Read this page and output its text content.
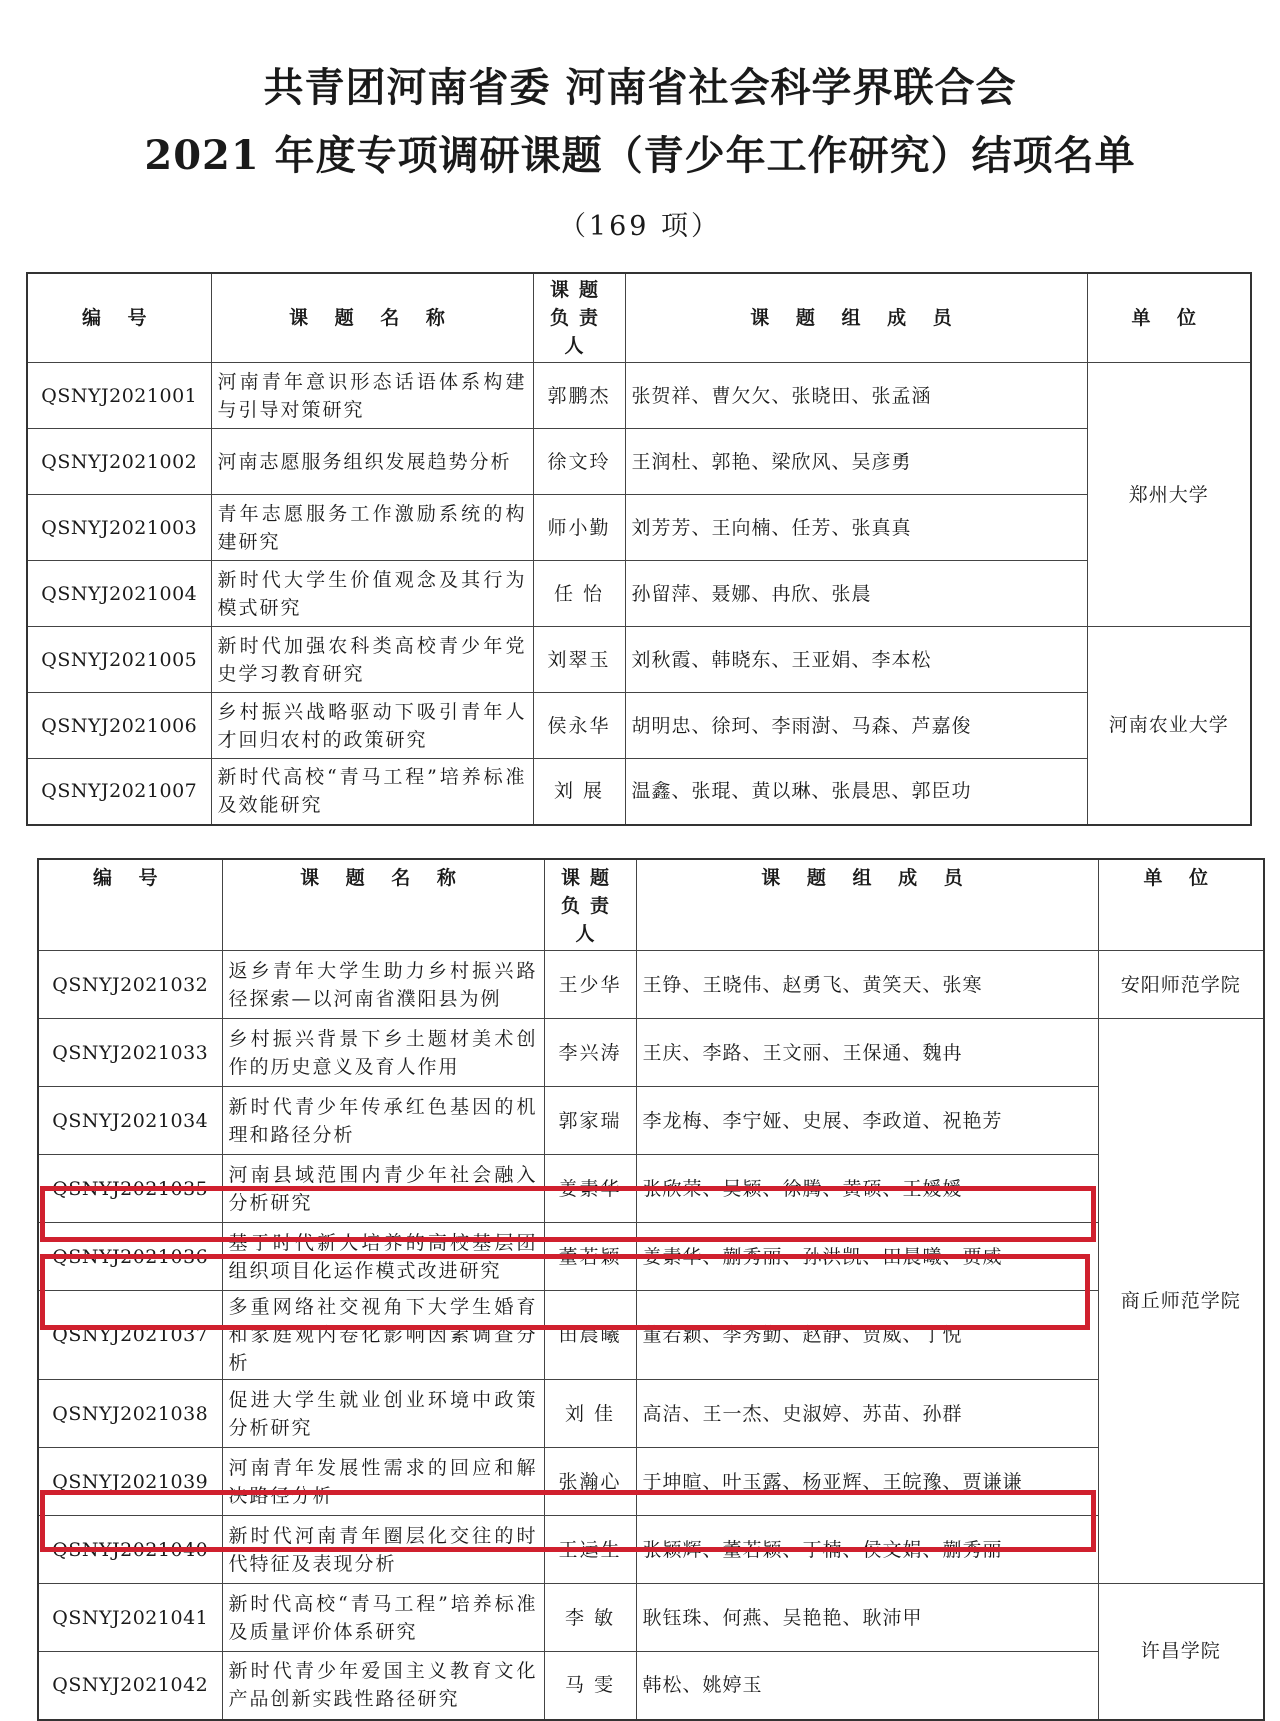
共青团河南省委 河南省社会科学界联合会
2021 年度专项调研课题（青少年工作研究）结项名单
（169 项）
编 号	课 题 名 称	课题负责人	课 题 组 成 员	单 位
QSNYJ2021001	河南青年意识形态话语体系构建与引导对策研究	郭鹏杰	张贺祥、曹欠欠、张晓田、张孟涵	郑州大学
QSNYJ2021002	河南志愿服务组织发展趋势分析	徐文玲	王润杜、郭艳、梁欣风、吴彦勇	
QSNYJ2021003	青年志愿服务工作激励系统的构建研究	师小勤	刘芳芳、王向楠、任芳、张真真	
QSNYJ2021004	新时代大学生价值观念及其行为模式研究	任 怡	孙留萍、聂娜、冉欣、张晨	
QSNYJ2021005	新时代加强农科类高校青少年党史学习教育研究	刘翠玉	刘秋霞、韩晓东、王亚娟、李本松	河南农业大学
QSNYJ2021006	乡村振兴战略驱动下吸引青年人才回归农村的政策研究	侯永华	胡明忠、徐珂、李雨澍、马森、芦嘉俊	
QSNYJ2021007	新时代高校“青马工程”培养标准及效能研究	刘 展	温鑫、张琨、黄以琳、张晨思、郭臣功	
编 号	课 题 名 称	课题负责人	课 题 组 成 员	单 位
QSNYJ2021032	返乡青年大学生助力乡村振兴路径探索—以河南省濮阳县为例	王少华	王铮、王晓伟、赵勇飞、黄笑天、张寒	安阳师范学院
QSNYJ2021033	乡村振兴背景下乡土题材美术创作的历史意义及育人作用	李兴涛	王庆、李路、王文丽、王保通、魏冉	商丘师范学院
QSNYJ2021034	新时代青少年传承红色基因的机理和路径分析	郭家瑞	李龙梅、李宁娅、史展、李政道、祝艳芳	
QSNYJ2021035	河南县域范围内青少年社会融入分析研究	姜素华	张欣荣、吴颖、徐腾、黄硕、王媛媛	
QSNYJ2021036	基于时代新人培养的高校基层团组织项目化运作模式改进研究	董若颖	姜素华、蒯秀丽、孙洪凯、田晨曦、贾威	
QSNYJ2021037	多重网络社交视角下大学生婚育和家庭观内卷化影响因素调查分析	田晨曦	董若颖、李秀勤、赵静、贾威、丁悦	
QSNYJ2021038	促进大学生就业创业环境中政策分析研究	刘 佳	高洁、王一杰、史淑婷、苏苗、孙群	
QSNYJ2021039	河南青年发展性需求的回应和解决路径分析	张瀚心	于坤暄、叶玉露、杨亚辉、王皖豫、贾谦谦	
QSNYJ2021040	新时代河南青年圈层化交往的时代特征及表现分析	王运生	张颖辉、董若颖、丁楠、侯文娟、蒯秀丽	
QSNYJ2021041	新时代高校“青马工程”培养标准及质量评价体系研究	李 敏	耿钰珠、何燕、吴艳艳、耿沛甲	许昌学院
QSNYJ2021042	新时代青少年爱国主义教育文化产品创新实践性路径研究	马 雯	韩松、姚婷玉	
